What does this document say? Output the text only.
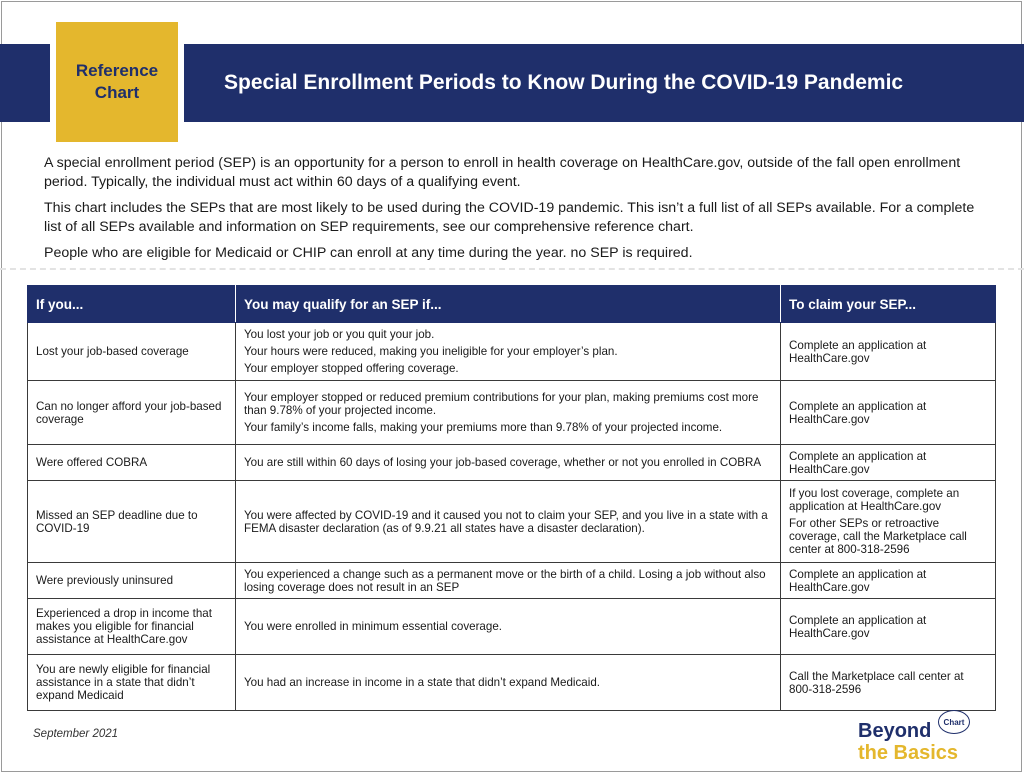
Reference
Chart	Special Enrollment Periods to Know During the COVID-19 Pandemic

A special enrollment period (SEP) is an opportunity for a person to enroll in health coverage on HealthCare.gov, outside of the fall open enrollment period. Typically, the individual must act within 60 days of a qualifying event.

This chart includes the SEPs that are most likely to be used during the COVID-19 pandemic. This isn’t a full list of all SEPs available. For a complete list of all SEPs available and information on SEP requirements, see our comprehensive reference chart.

People who are eligible for Medicaid or CHIP can enroll at any time during the year. no SEP is required.

If you...	You may qualify for an SEP if...	To claim your SEP...
Lost your job-based coverage	You lost your job or you quit your job.

Your hours were reduced, making you ineligible for your employer’s plan.

Your employer stopped offering coverage.	Complete an application at HealthCare.gov

Can no longer afford your job-based coverage	Your employer stopped or reduced premium contributions for your plan, making premiums cost more than 9.78% of your projected income.

Your family’s income falls, making your premiums more than 9.78% of your projected income.	Complete an application at HealthCare.gov

Were offered COBRA	You are still within 60 days of losing your job-based coverage, whether or not you enrolled in COBRA	Complete an application at HealthCare.gov

Missed an SEP deadline due to COVID-19	You were affected by COVID-19 and it caused you not to claim your SEP, and you live in a state with a FEMA disaster declaration (as of 9.9.21 all states have a disaster declaration).	If you lost coverage, complete an application at HealthCare.gov

For other SEPs or retroactive coverage, call the Marketplace call center at 800-318-2596

Were previously uninsured	You experienced a change such as a permanent move or the birth of a child. Losing a job without also losing coverage does not result in an SEP	Complete an application at HealthCare.gov

Experienced a drop in income that makes you eligible for financial assistance at HealthCare.gov	You were enrolled in minimum essential coverage.	Complete an application at HealthCare.gov

You are newly eligible for financial assistance in a state that didn’t expand Medicaid	You had an increase in income in a state that didn’t expand Medicaid.	Call the Marketplace call center at 800-318-2596

September 2021
Chart
Beyond
the Basics
